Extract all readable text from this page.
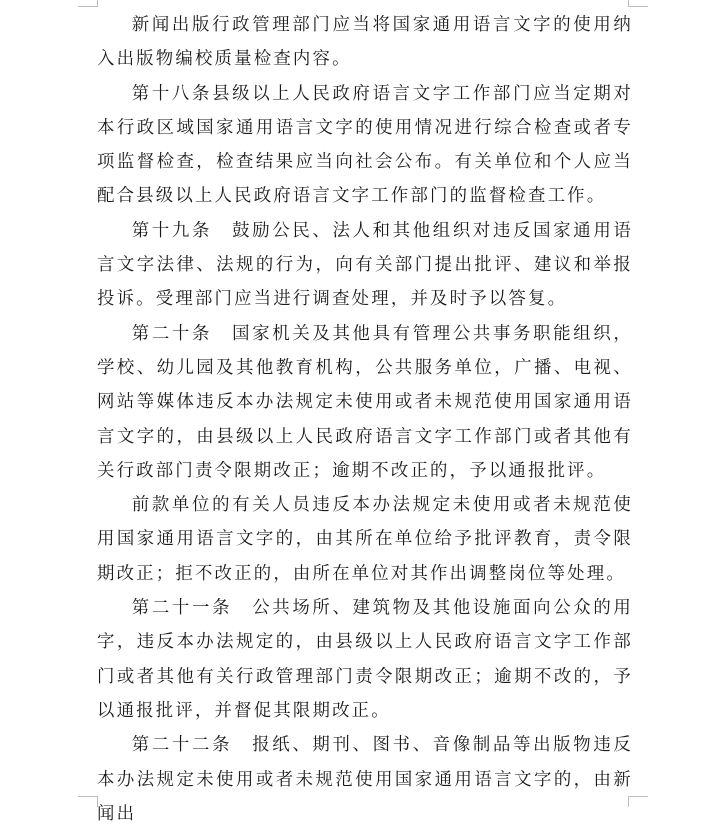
新闻出版行政管理部门应当将国家通用语言文字的使用纳入出版物编校质量检查内容。

第十八条县级以上人民政府语言文字工作部门应当定期对本行政区域国家通用语言文字的使用情况进行综合检查或者专项监督检查，检查结果应当向社会公布。有关单位和个人应当配合县级以上人民政府语言文字工作部门的监督检查工作。

第十九条　鼓励公民、法人和其他组织对违反国家通用语言文字法律、法规的行为，向有关部门提出批评、建议和举报投诉。受理部门应当进行调查处理，并及时予以答复。

第二十条　国家机关及其他具有管理公共事务职能组织，学校、幼儿园及其他教育机构，公共服务单位，广播、电视、网站等媒体违反本办法规定未使用或者未规范使用国家通用语言文字的，由县级以上人民政府语言文字工作部门或者其他有关行政部门责令限期改正；逾期不改正的，予以通报批评。

前款单位的有关人员违反本办法规定未使用或者未规范使用国家通用语言文字的，由其所在单位给予批评教育，责令限期改正；拒不改正的，由所在单位对其作出调整岗位等处理。

第二十一条　公共场所、建筑物及其他设施面向公众的用字，违反本办法规定的，由县级以上人民政府语言文字工作部门或者其他有关行政管理部门责令限期改正；逾期不改的，予以通报批评，并督促其限期改正。

第二十二条　报纸、期刊、图书、音像制品等出版物违反本办法规定未使用或者未规范使用国家通用语言文字的，由新闻出
